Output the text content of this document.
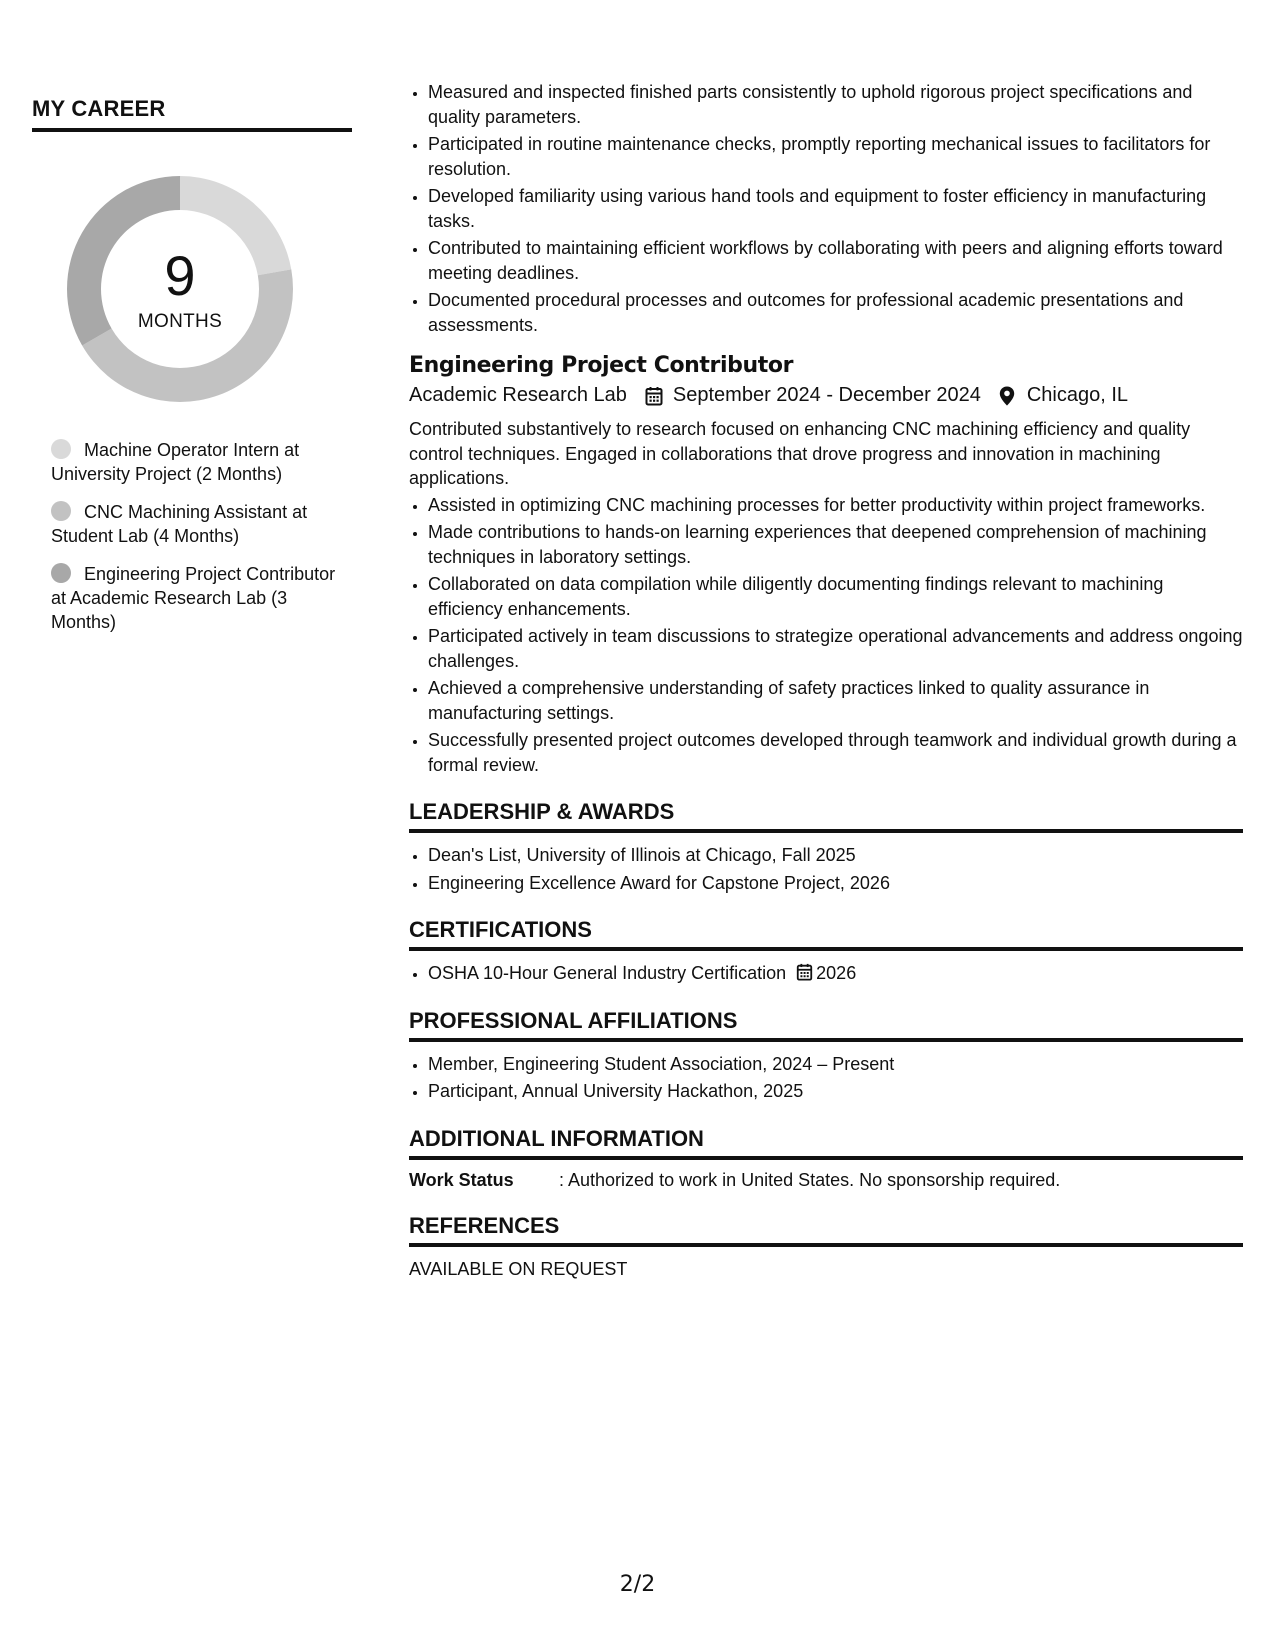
MY CAREER
9
MONTHS
Machine Operator Intern at University Project (2 Months)
CNC Machining Assistant at Student Lab (4 Months)
Engineering Project Contributor at Academic Research Lab (3 Months)
• Measured and inspected finished parts consistently to uphold rigorous project specifications and quality parameters.
• Participated in routine maintenance checks, promptly reporting mechanical issues to facilitators for resolution.
• Developed familiarity using various hand tools and equipment to foster efficiency in manufacturing tasks.
• Contributed to maintaining efficient workflows by collaborating with peers and aligning efforts toward meeting deadlines.
• Documented procedural processes and outcomes for professional academic presentations and assessments.
Engineering Project Contributor
Academic Research Lab September 2024 - December 2024 Chicago, IL

Contributed substantively to research focused on enhancing CNC machining efficiency and quality control techniques. Engaged in collaborations that drove progress and innovation in machining applications.

• Assisted in optimizing CNC machining processes for better productivity within project frameworks.
• Made contributions to hands-on learning experiences that deepened comprehension of machining techniques in laboratory settings.
• Collaborated on data compilation while diligently documenting findings relevant to machining efficiency enhancements.
• Participated actively in team discussions to strategize operational advancements and address ongoing challenges.
• Achieved a comprehensive understanding of safety practices linked to quality assurance in manufacturing settings.
• Successfully presented project outcomes developed through teamwork and individual growth during a formal review.
LEADERSHIP & AWARDS
• Dean's List, University of Illinois at Chicago, Fall 2025
• Engineering Excellence Award for Capstone Project, 2026
CERTIFICATIONS
• OSHA 10-Hour General Industry Certification 2026
PROFESSIONAL AFFILIATIONS
• Member, Engineering Student Association, 2024 – Present
• Participant, Annual University Hackathon, 2025
ADDITIONAL INFORMATION
Work Status	: Authorized to work in United States. No sponsorship required.
REFERENCES

AVAILABLE ON REQUEST

2/2
